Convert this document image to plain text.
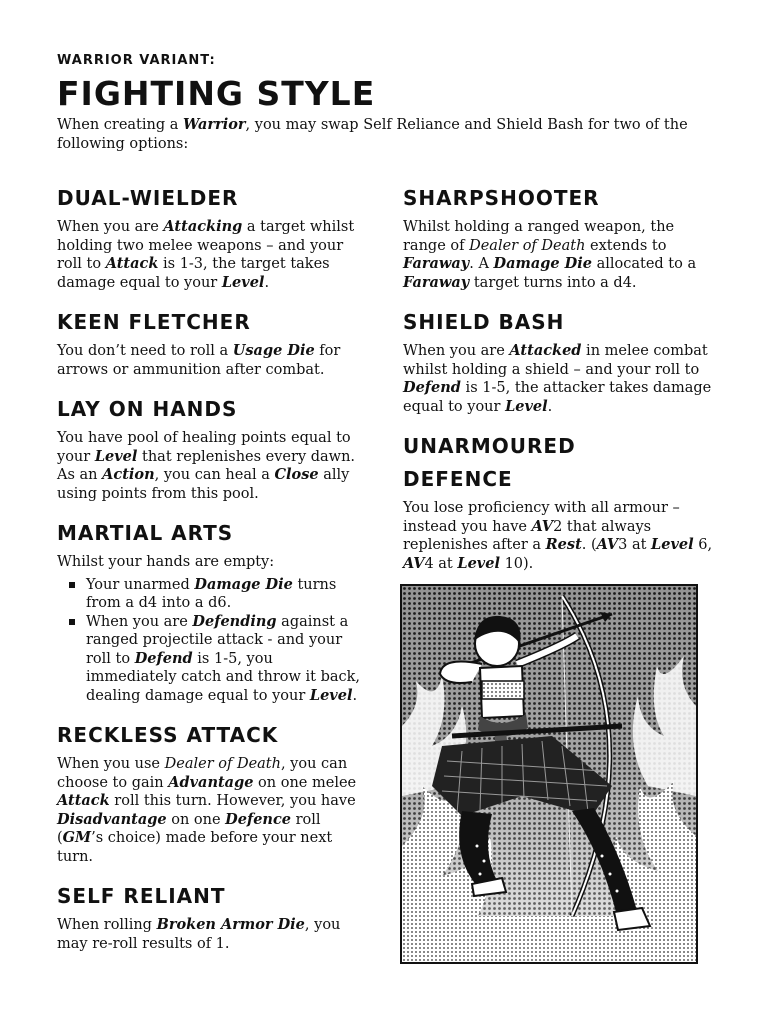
WARRIOR VARIANT:

FIGHTING STYLE

When creating a Warrior, you may swap Self Reliance and Shield Bash for two of the following options:

DUAL-WIELDER

When you are Attacking a target whilst holding two melee weapons – and your roll to Attack is 1-3, the target takes damage equal to your Level.

KEEN FLETCHER

You don’t need to roll a Usage Die for arrows or ammunition after combat.

LAY ON HANDS

You have pool of healing points equal to your Level that replenishes every dawn. As an Action, you can heal a Close ally using points from this pool.

MARTIAL ARTS

Whilst your hands are empty:

Your unarmed Damage Die turns from a d4 into a d6.
When you are Defending against a ranged projectile attack - and your roll to Defend is 1-5, you immediately catch and throw it back, dealing damage equal to your Level.
RECKLESS ATTACK

When you use Dealer of Death, you can choose to gain Advantage on one melee Attack roll this turn. However, you have Disadvantage on one Defence roll (GM’s choice) made before your next turn.

SELF RELIANT

When rolling Broken Armor Die, you may re-roll results of 1.

SHARPSHOOTER

Whilst holding a ranged weapon, the range of Dealer of Death extends to Faraway. A Damage Die allocated to a Faraway target turns into a d4.

SHIELD BASH

When you are Attacked in melee combat whilst holding a shield – and your roll to Defend is 1-5, the attacker takes damage equal to your Level.

UNARMOURED
DEFENCE

You lose proficiency with all armour – instead you have AV2 that always replenishes after a Rest. (AV3 at Level 6, AV4 at Level 10).
